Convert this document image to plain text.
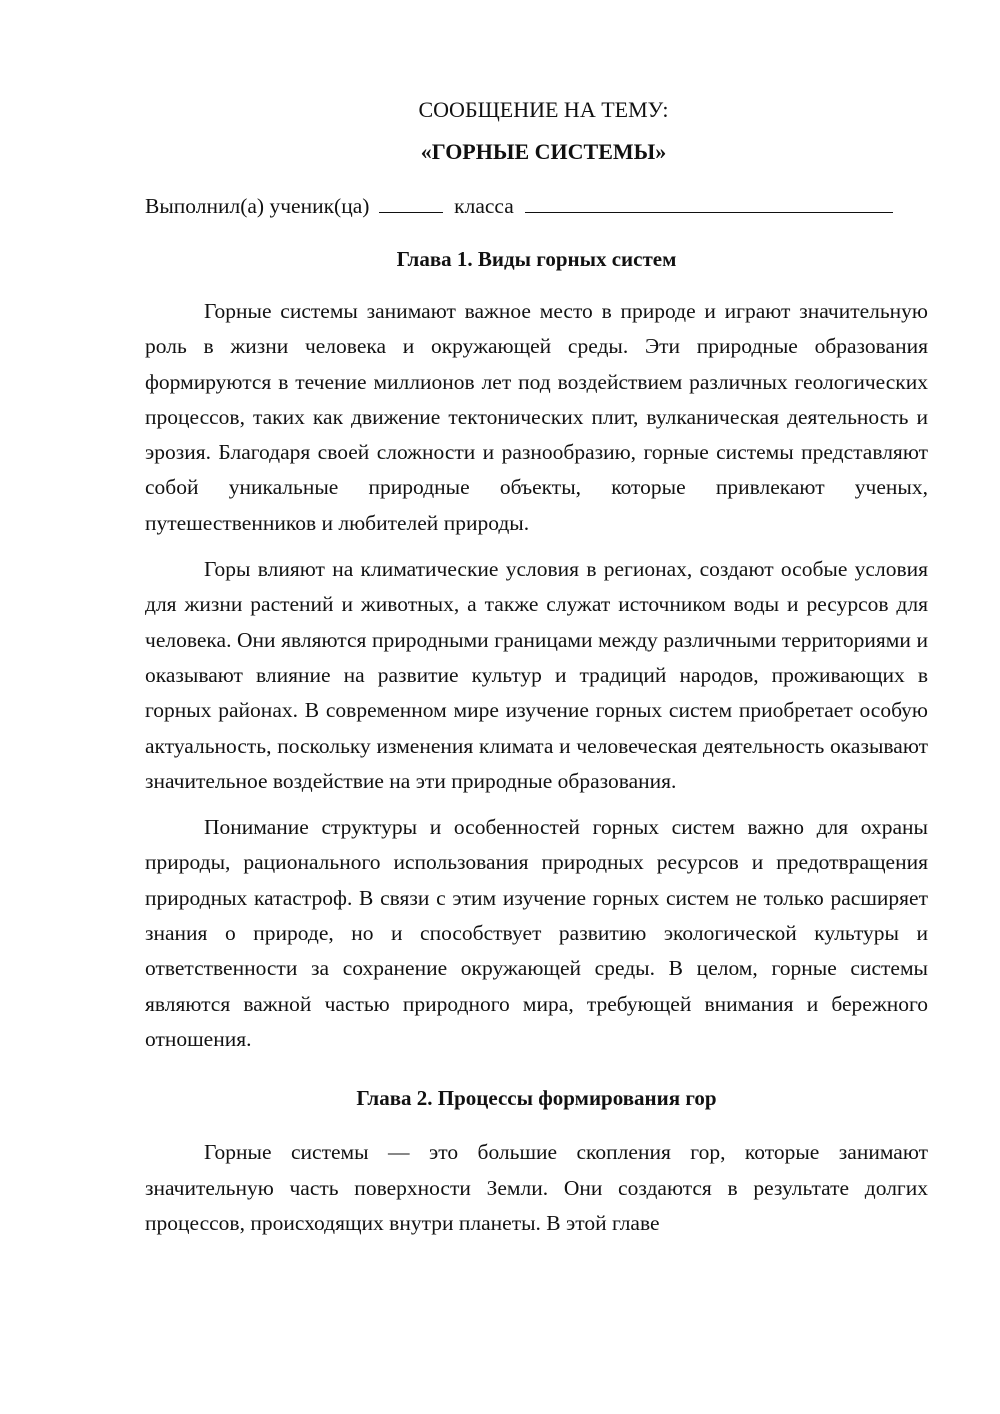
СООБЩЕНИЕ НА ТЕМУ:

«ГОРНЫЕ СИСТЕМЫ»

Выполнил(а) ученик(ца)	класса
Глава 1. Виды горных систем

Горные системы занимают важное место в природе и играют значительную роль в жизни человека и окружающей среды. Эти природные образования формируются в течение миллионов лет под воздействием различных геологических процессов, таких как движение тектонических плит, вулканическая деятельность и эрозия. Благодаря своей сложности и разнообразию, горные системы представляют собой уникальные природные объекты, которые привлекают ученых, путешественников и любителей природы.

Горы влияют на климатические условия в регионах, создают особые условия для жизни растений и животных, а также служат источником воды и ресурсов для человека. Они являются природными границами между различными территориями и оказывают влияние на развитие культур и традиций народов, проживающих в горных районах. В современном мире изучение горных систем приобретает особую актуальность, поскольку изменения климата и человеческая деятельность оказывают значительное воздействие на эти природные образования.

Понимание структуры и особенностей горных систем важно для охраны природы, рационального использования природных ресурсов и предотвращения природных катастроф. В связи с этим изучение горных систем не только расширяет знания о природе, но и способствует развитию экологической культуры и ответственности за сохранение окружающей среды. В целом, горные системы являются важной частью природного мира, требующей внимания и бережного отношения.

Глава 2. Процессы формирования гор

Горные системы — это большие скопления гор, которые занимают значительную часть поверхности Земли. Они создаются в результате долгих процессов, происходящих внутри планеты. В этой главе
